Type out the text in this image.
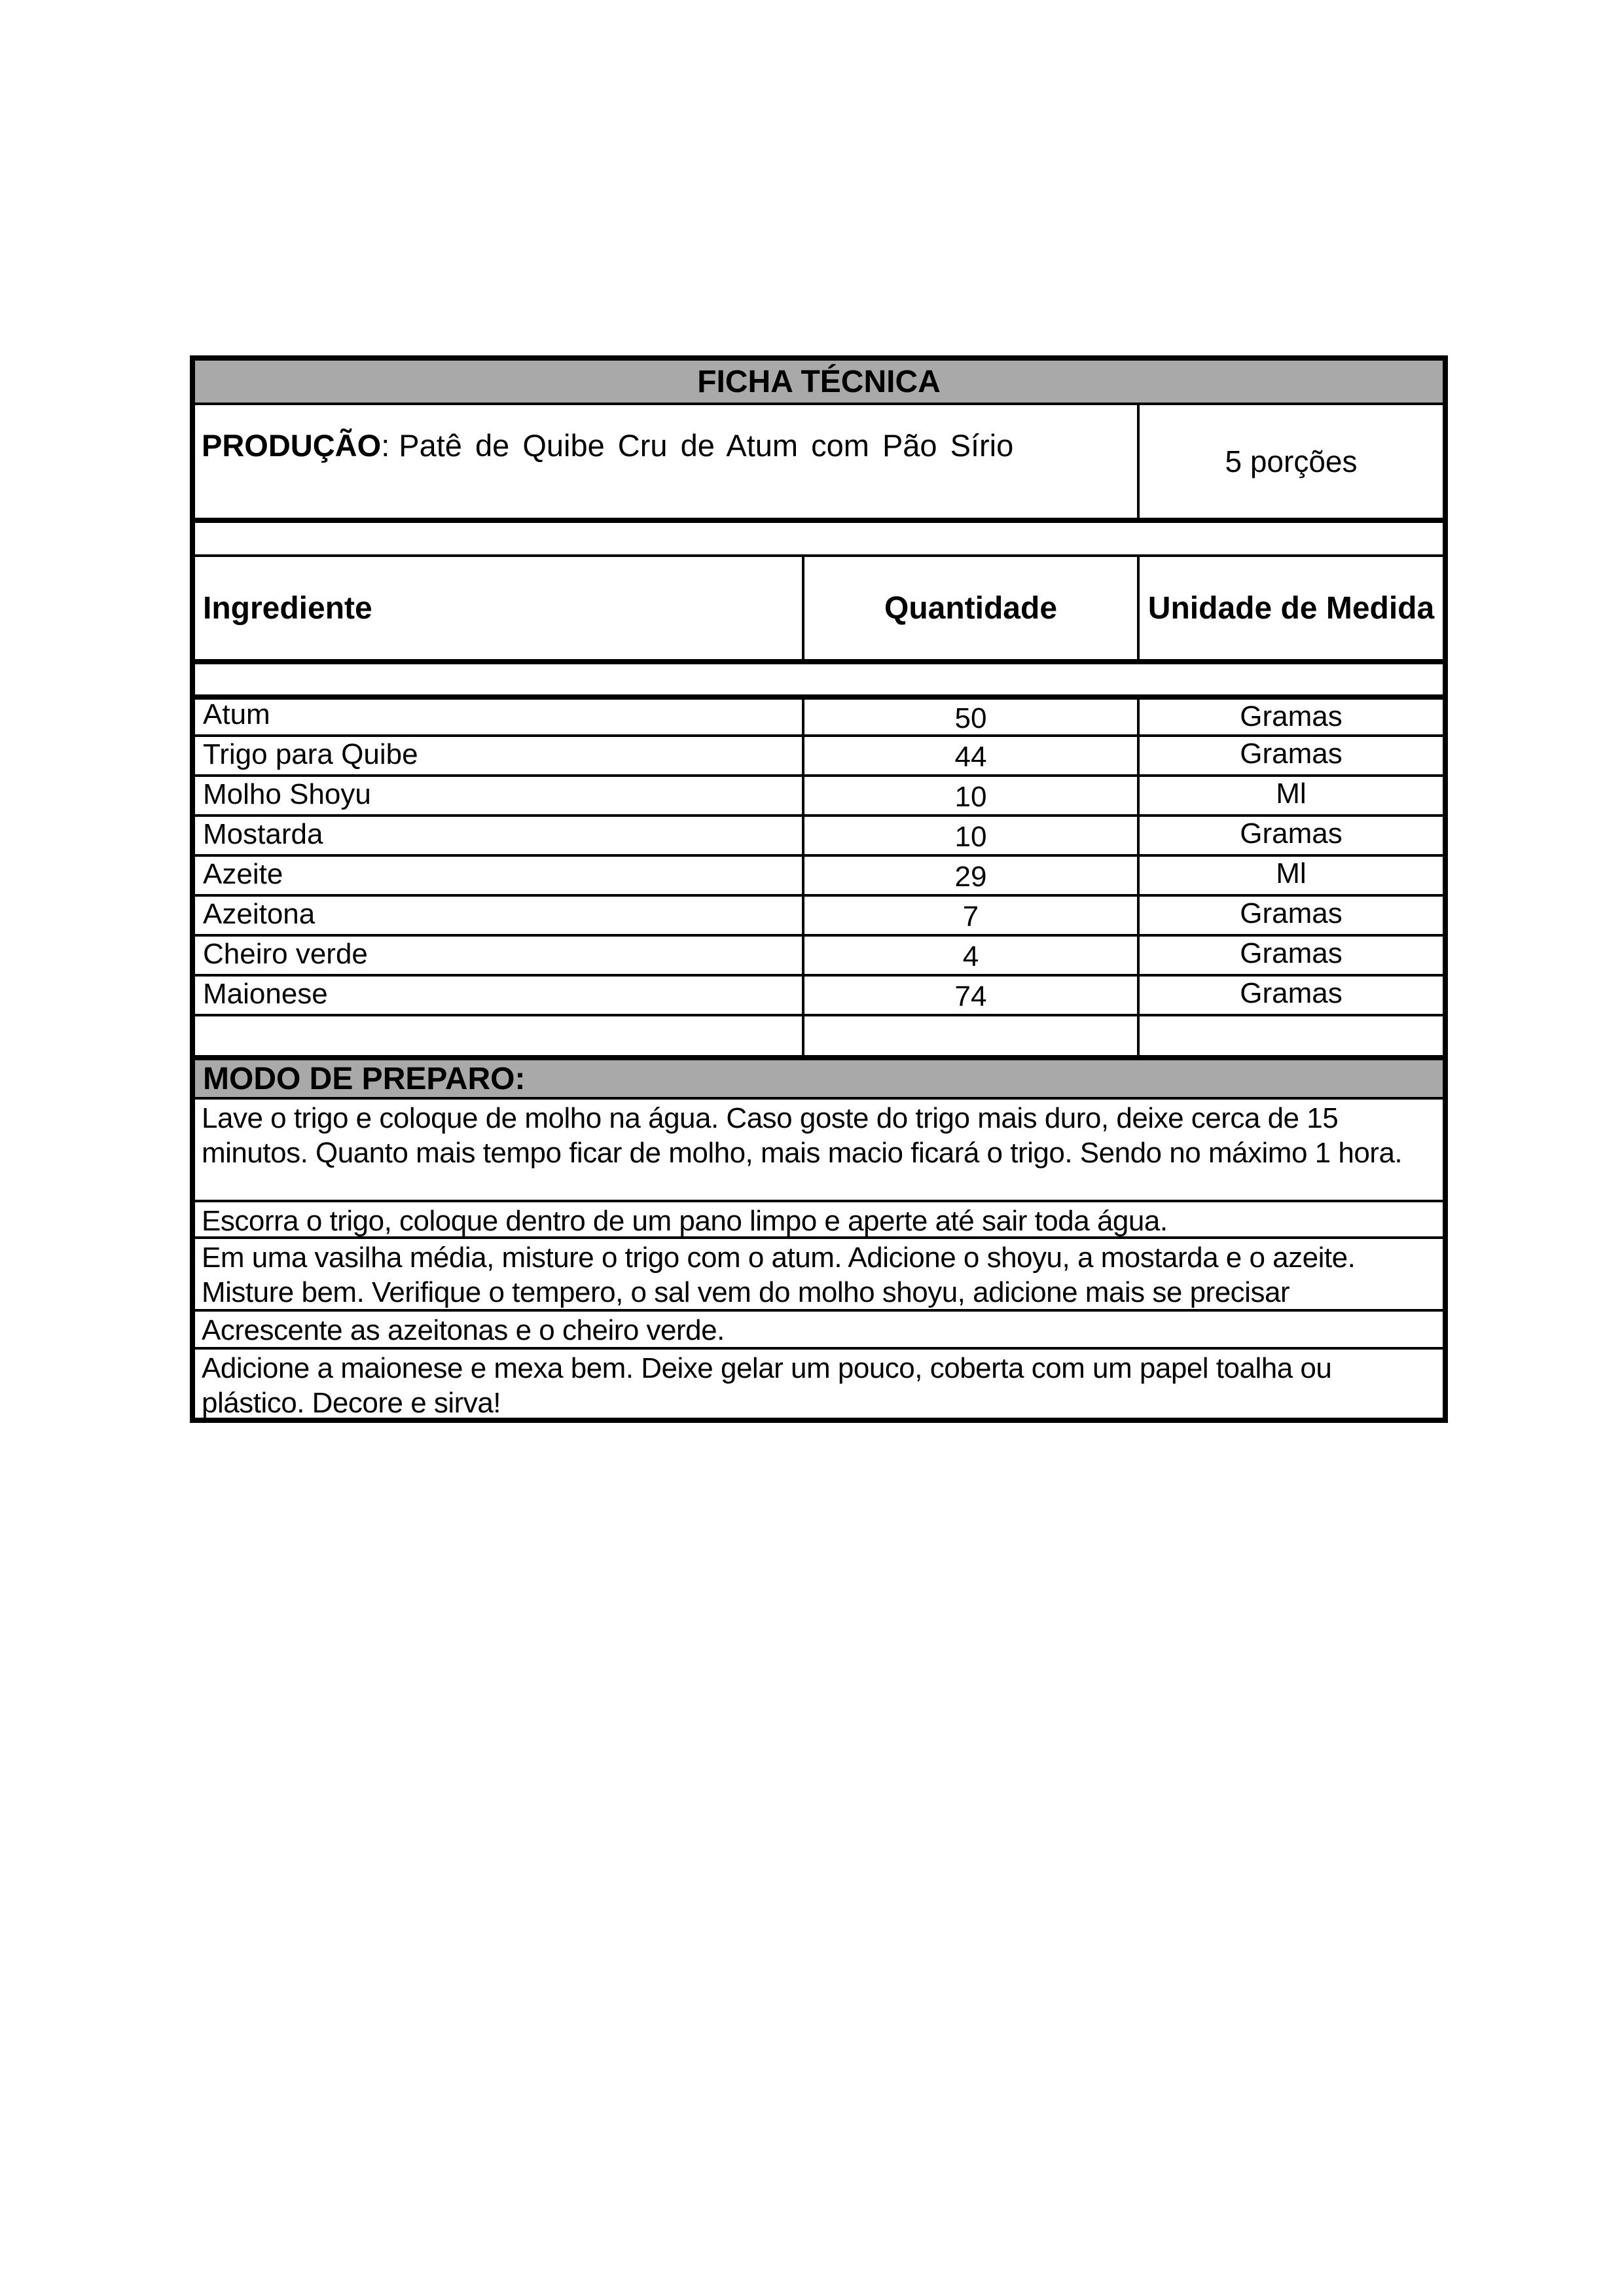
FICHA TÉCNICA
PRODUÇÃO : Patê de Quibe Cru de Atum com Pão Sírio	5 porções
Ingrediente	Quantidade	Unidade de Medida
Atum	50	Gramas
Trigo para Quibe	44	Gramas
Molho Shoyu	10	Ml
Mostarda	10	Gramas
Azeite	29	Ml
Azeitona	7	Gramas
Cheiro verde	4	Gramas
Maionese	74	Gramas
MODO DE PREPARO:
Lave o trigo e coloque de molho na água. Caso goste do trigo mais duro, deixe cerca de 15 minutos. Quanto mais tempo ficar de molho, mais macio ficará o trigo. Sendo no máximo 1 hora.
Escorra o trigo, coloque dentro de um pano limpo e aperte até sair toda água.
Em uma vasilha média, misture o trigo com o atum. Adicione o shoyu, a mostarda e o azeite. Misture bem. Verifique o tempero, o sal vem do molho shoyu, adicione mais se precisar
Acrescente as azeitonas e o cheiro verde.
Adicione a maionese e mexa bem. Deixe gelar um pouco, coberta com um papel toalha ou plástico. Decore e sirva!
